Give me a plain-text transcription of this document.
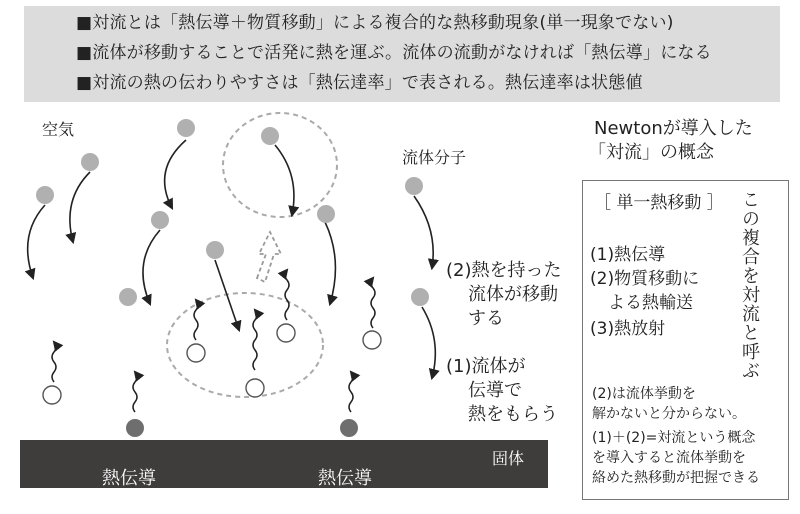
■対流とは「熱伝導＋物質移動」による複合的な熱移動現象(単一現象でない)
■流体が移動することで活発に熱を運ぶ。流体の流動がなければ「熱伝導」になる
■対流の熱の伝わりやすさは「熱伝達率」で表される。熱伝達率は状態値
空気
流体分子
(2)熱を持った
流体が移動
する
(1)流体が
伝導で
熱をもらう
固体
熱伝導	熱伝導
Newtonが導入した
「対流」の概念
［ 単一熱移動 ］
(1)熱伝導
(2)物質移動に
よる熱輸送
(3)熱放射	この複合を対流と呼ぶ
(2)は流体挙動を
解かないと分からない。
(1)＋(2)=対流という概念
を導入すると流体挙動を
絡めた熱移動が把握できる
